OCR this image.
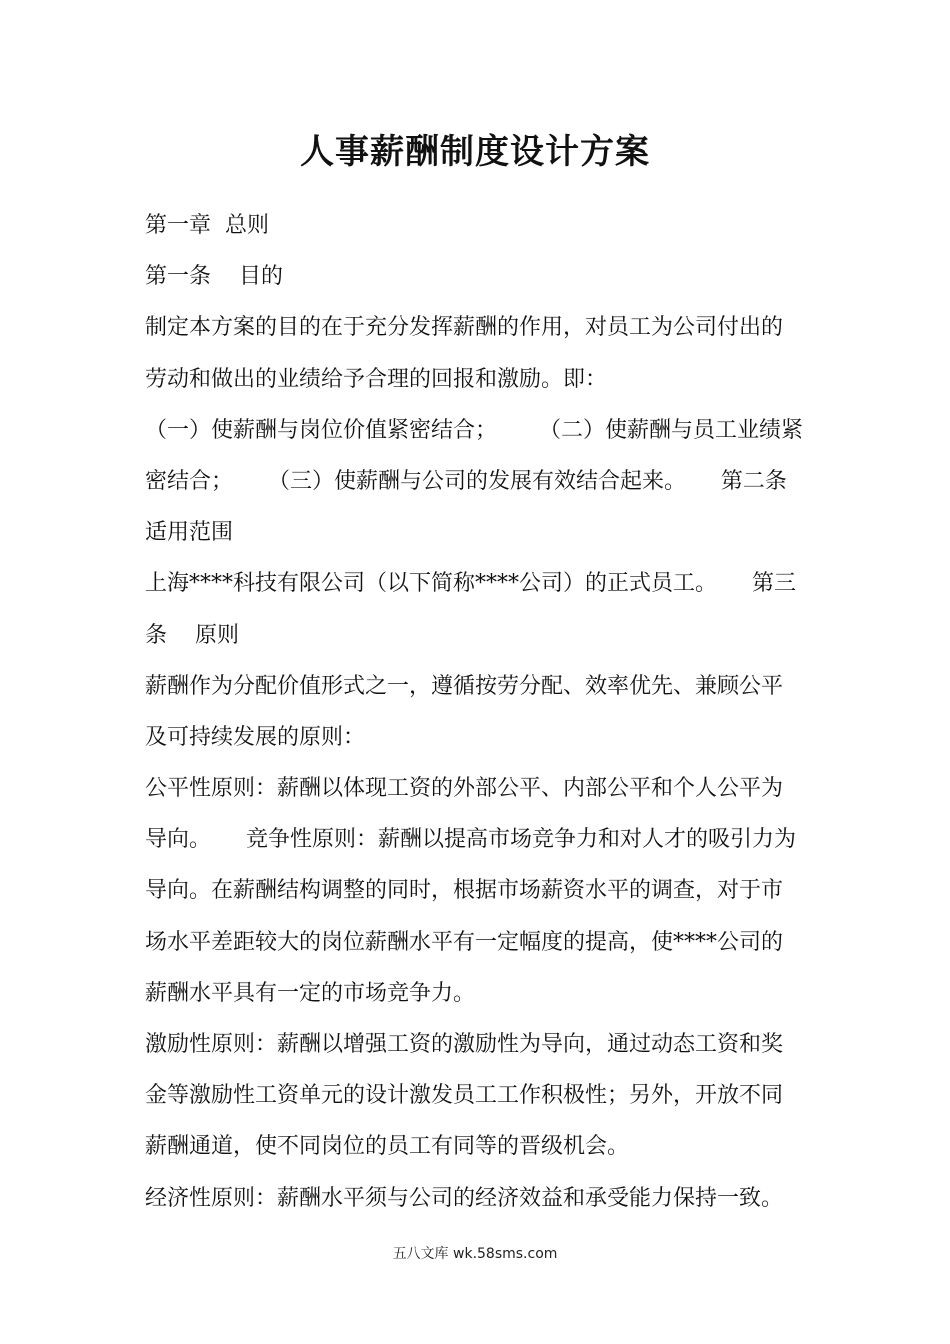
人事薪酬制度设计方案
第一章  总则
第一条    目的
制定本方案的目的在于充分发挥薪酬的作用，对员工为公司付出的
劳动和做出的业绩给予合理的回报和激励。即：
（一）使薪酬与岗位价值紧密结合；      （二）使薪酬与员工业绩紧
密结合；     （三）使薪酬与公司的发展有效结合起来。     第二条
适用范围
上海****科技有限公司（以下简称****公司）的正式员工。     第三
条    原则
薪酬作为分配价值形式之一，遵循按劳分配、效率优先、兼顾公平
及可持续发展的原则：
公平性原则：薪酬以体现工资的外部公平、内部公平和个人公平为
导向。     竞争性原则：薪酬以提高市场竞争力和对人才的吸引力为
导向。在薪酬结构调整的同时，根据市场薪资水平的调查，对于市
场水平差距较大的岗位薪酬水平有一定幅度的提高，使****公司的
薪酬水平具有一定的市场竞争力。
激励性原则：薪酬以增强工资的激励性为导向，通过动态工资和奖
金等激励性工资单元的设计激发员工工作积极性；另外，开放不同
薪酬通道，使不同岗位的员工有同等的晋级机会。
经济性原则：薪酬水平须与公司的经济效益和承受能力保持一致。
五八文库 wk.58sms.com
